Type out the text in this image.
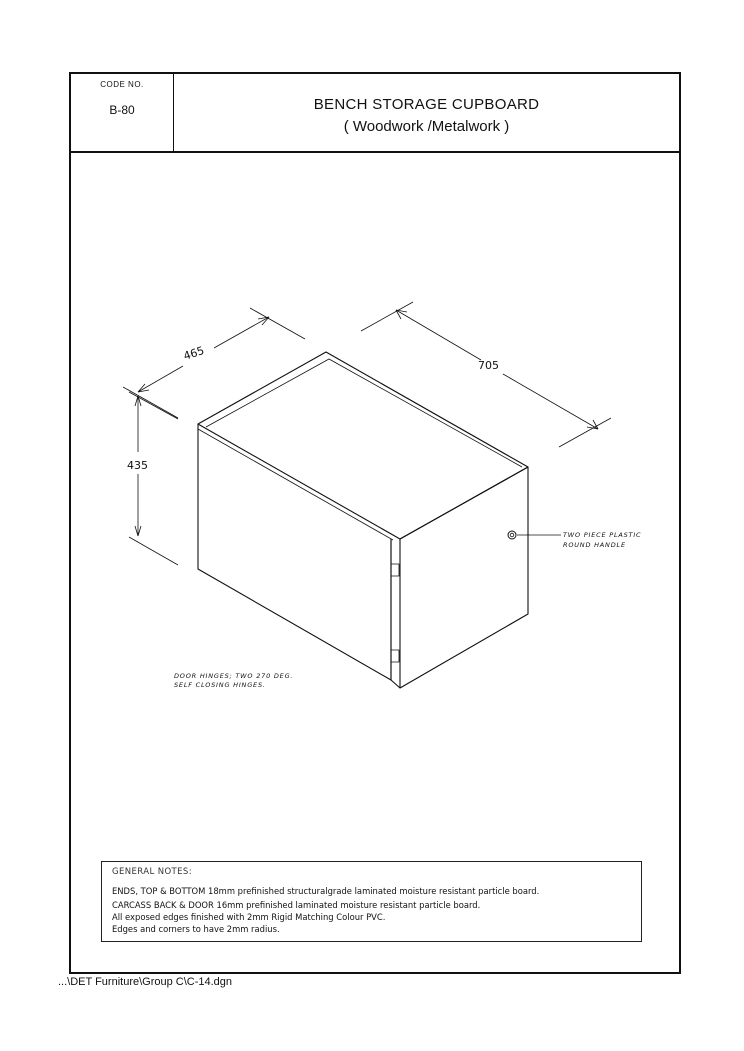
CODE NO.
B-80	BENCH STORAGE CUPBOARD
( Woodwork /Metalwork )
465
705
435
TWO PIECE PLASTIC
ROUND HANDLE
DOOR HINGES; TWO 270 DEG.
SELF CLOSING HINGES.
GENERAL NOTES:
ENDS, TOP & BOTTOM 18mm prefinished structuralgrade laminated moisture resistant particle board.
CARCASS BACK & DOOR 16mm prefinished laminated moisture resistant particle board.
All exposed edges finished with 2mm Rigid Matching Colour PVC.
Edges and corners to have 2mm radius.
...\DET Furniture\Group C\C-14.dgn
